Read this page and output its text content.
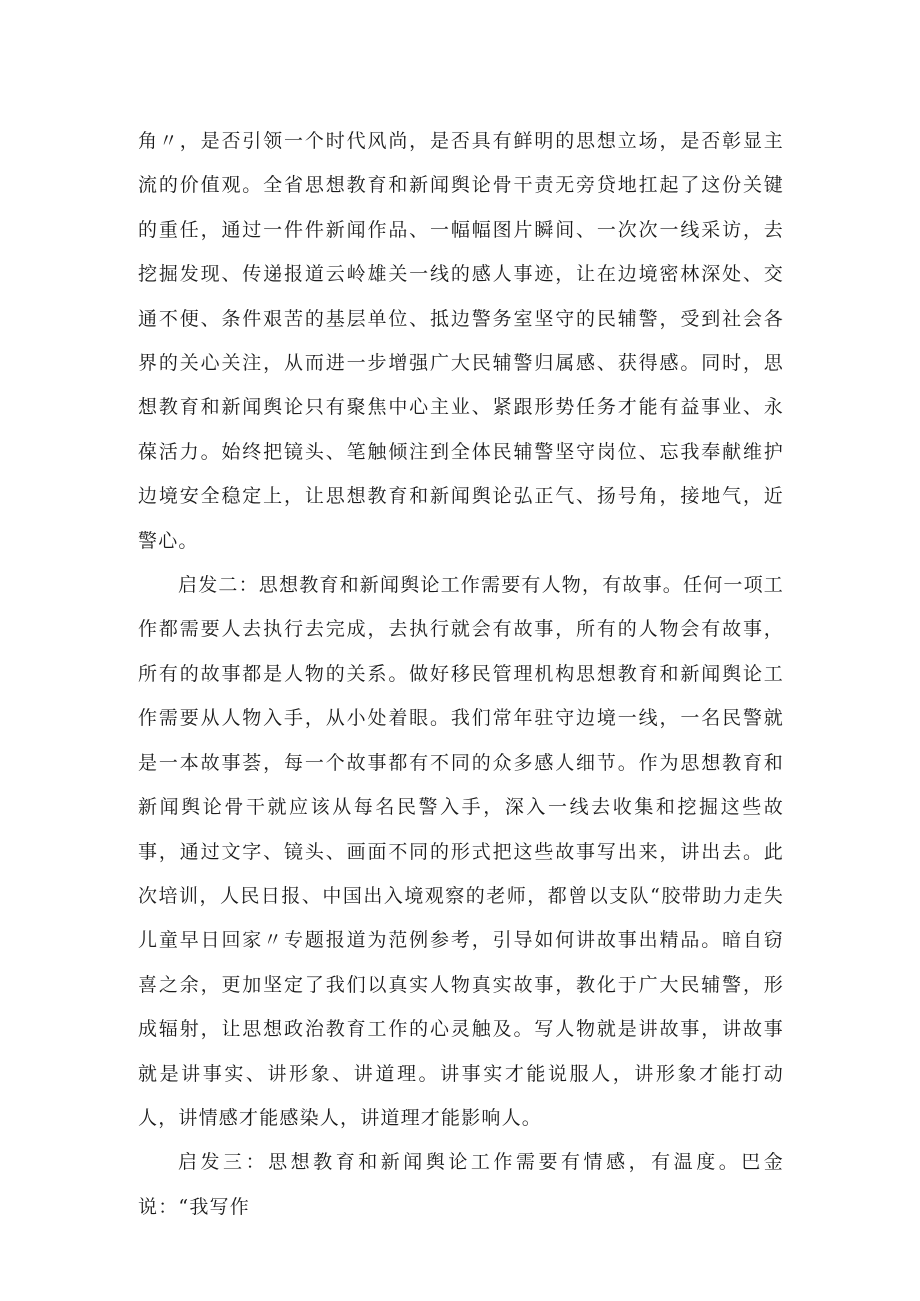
角〃，是否引领一个时代风尚，是否具有鲜明的思想立场，是否彰显主流的价值观。全省思想教育和新闻舆论骨干责无旁贷地扛起了这份关键的重任，通过一件件新闻作品、一幅幅图片瞬间、一次次一线采访，去挖掘发现、传递报道云岭雄关一线的感人事迹，让在边境密林深处、交通不便、条件艰苦的基层单位、抵边警务室坚守的民辅警，受到社会各界的关心关注，从而进一步增强广大民辅警归属感、获得感。同时，思想教育和新闻舆论只有聚焦中心主业、紧跟形势任务才能有益事业、永葆活力。始终把镜头、笔触倾注到全体民辅警坚守岗位、忘我奉献维护边境安全稳定上，让思想教育和新闻舆论弘正气、扬号角，接地气，近警心。

启发二：思想教育和新闻舆论工作需要有人物，有故事。任何一项工作都需要人去执行去完成，去执行就会有故事，所有的人物会有故事，所有的故事都是人物的关系。做好移民管理机构思想教育和新闻舆论工作需要从人物入手，从小处着眼。我们常年驻守边境一线，一名民警就是一本故事荟，每一个故事都有不同的众多感人细节。作为思想教育和新闻舆论骨干就应该从每名民警入手，深入一线去收集和挖掘这些故事，通过文字、镜头、画面不同的形式把这些故事写出来，讲出去。此次培训，人民日报、中国出入境观察的老师，都曾以支队“胶带助力走失儿童早日回家〃专题报道为范例参考，引导如何讲故事出精品。暗自窃喜之余，更加坚定了我们以真实人物真实故事，教化于广大民辅警，形成辐射，让思想政治教育工作的心灵触及。写人物就是讲故事，讲故事就是讲事实、讲形象、讲道理。讲事实才能说服人，讲形象才能打动人，讲情感才能感染人，讲道理才能影响人。

启发三：思想教育和新闻舆论工作需要有情感，有温度。巴金说：“我写作
